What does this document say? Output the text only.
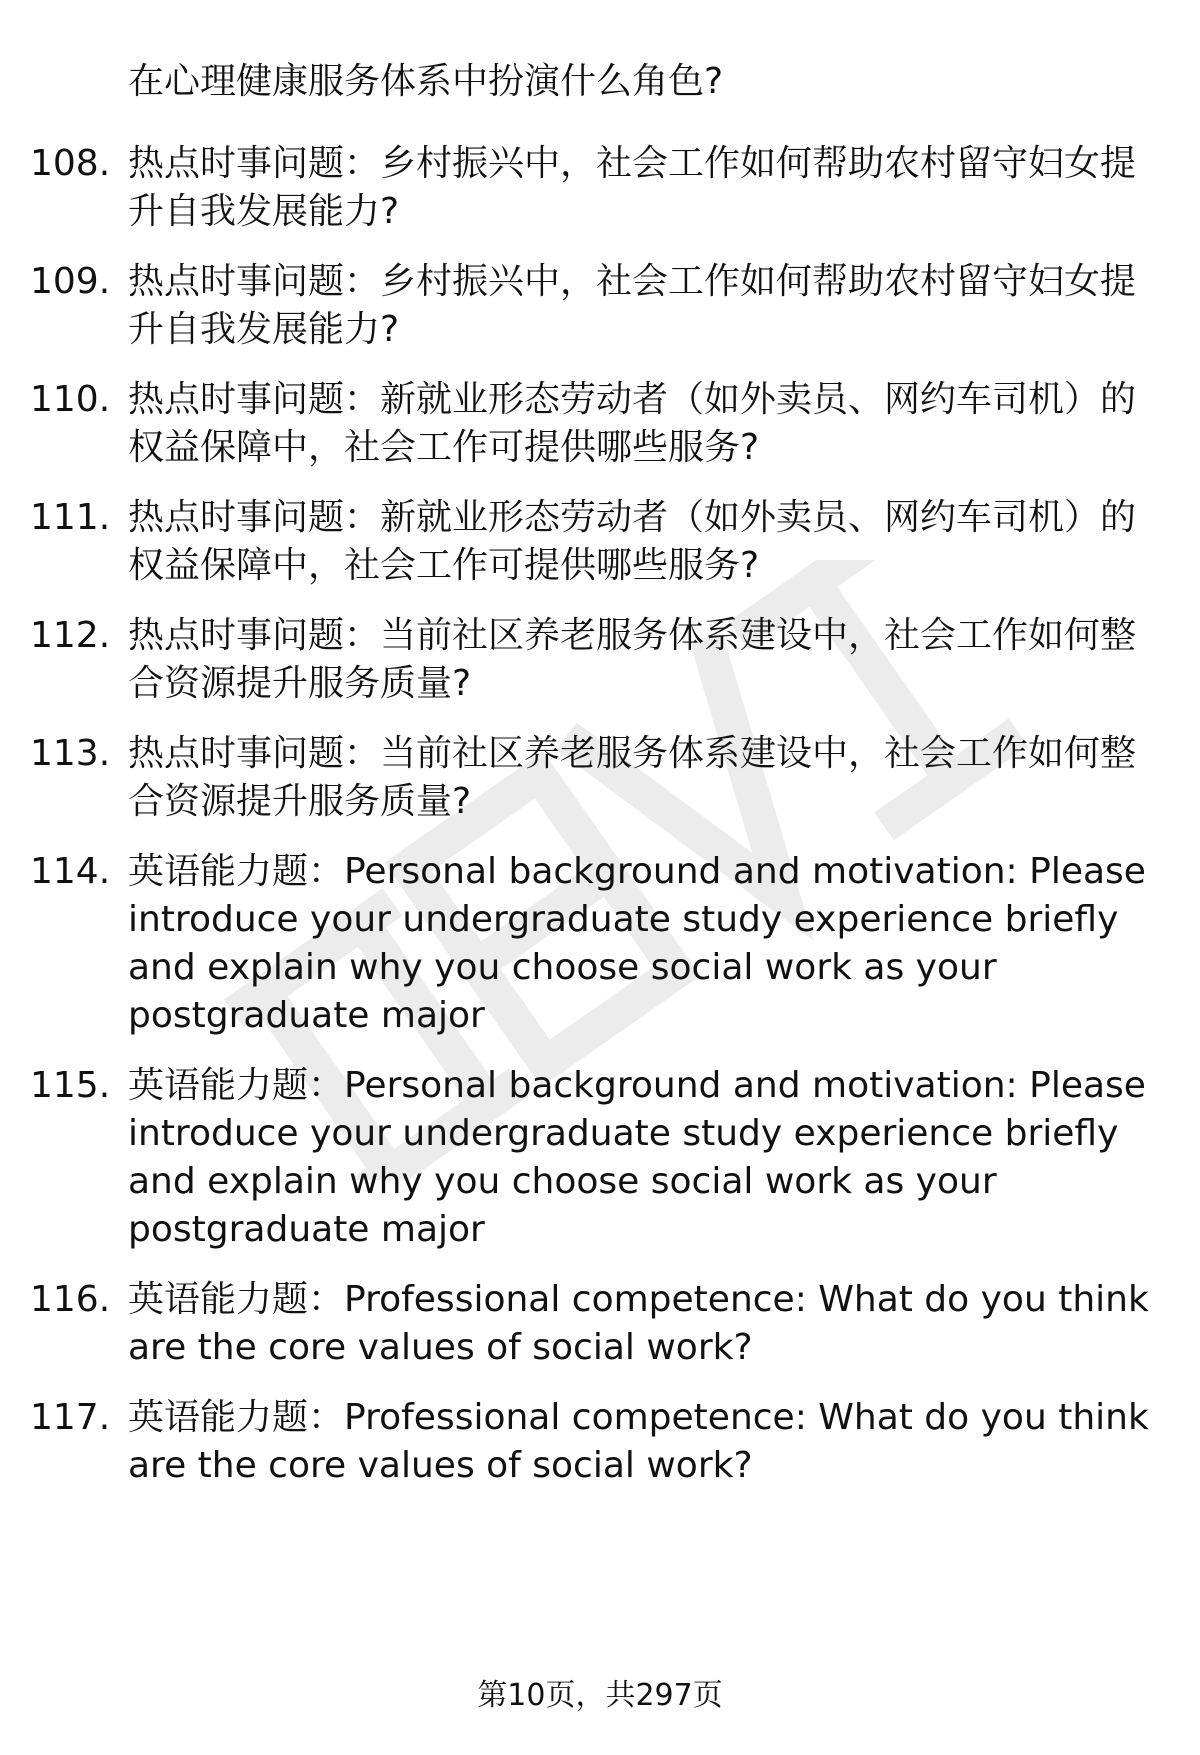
在心理健康服务体系中扮演什么角色?
108. 热点时事问题：乡村振兴中，社会工作如何帮助农村留守妇女提升自我发展能力?
109. 热点时事问题：乡村振兴中，社会工作如何帮助农村留守妇女提升自我发展能力?
110. 热点时事问题：新就业形态劳动者（如外卖员、网约车司机）的权益保障中，社会工作可提供哪些服务?
111. 热点时事问题：新就业形态劳动者（如外卖员、网约车司机）的权益保障中，社会工作可提供哪些服务?
112. 热点时事问题：当前社区养老服务体系建设中，社会工作如何整合资源提升服务质量?
113. 热点时事问题：当前社区养老服务体系建设中，社会工作如何整合资源提升服务质量?
114. 英语能力题：Personal background and motivation: Please introduce your undergraduate study experience briefly and explain why you choose social work as your postgraduate major
115. 英语能力题：Personal background and motivation: Please introduce your undergraduate study experience briefly and explain why you choose social work as your postgraduate major
116. 英语能力题：Professional competence: What do you think are the core values of social work?
117. 英语能力题：Professional competence: What do you think are the core values of social work?
第10页，共297页
